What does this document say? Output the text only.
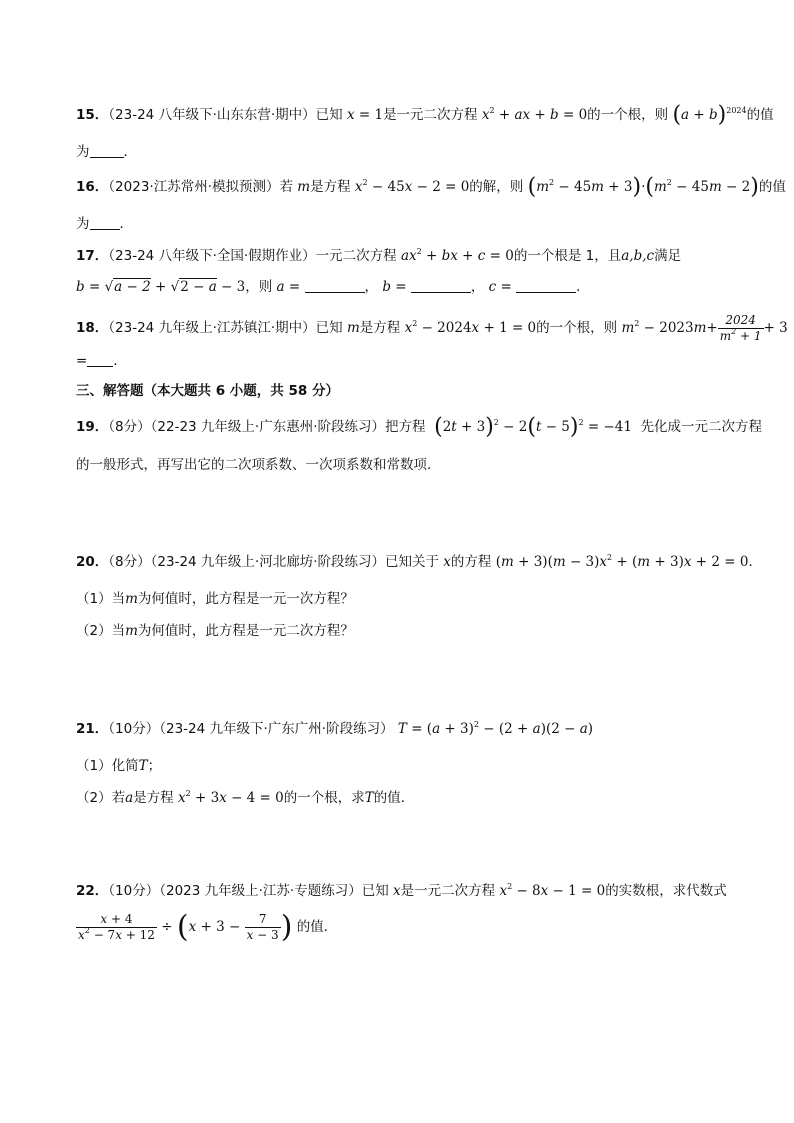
15．（23-24 八年级下·山东东营·期中）已知 x = 1是一元二次方程 $x^2$ + ax + b = 0的一个根，则 $(a + b)^{2024}$的值
为	．
16．（2023·江苏常州·模拟预测）若 m是方程 $x^2 - 45x - 2 = 0$的解，则 $(m^2 - 45m + 3)\cdot(m^2 - 45m - 2)$的值
为 ．
17．（23-24 八年级下·全国·假期作业）一元二次方程 $ax^2$ + bx + c = 0的一个根是 1，且a,b,c满足
b = √a − 2 + √2 − a − 3，则 a =	， b =	， c =	．
18．（23-24 九年级上·江苏镇江·期中）已知 m是方程 $x^2 - 2024x + 1 = 0$的一个根，则 $m^2 - 2023m+ \frac{2024}{m^2 + 1} + 3$
= ．
三、解答题（本大题共 6 小题，共 58 分）
19．（8分）（22-23 九年级上·广东惠州·阶段练习）把方程 $(2t + 3)^2 - 2(t - 5)^2 = -41$ 先化成一元二次方程
的一般形式，再写出它的二次项系数、一次项系数和常数项．
20．（8分）（23-24 九年级上·河北廊坊·阶段练习）已知关于 x的方程 $(m + 3)(m - 3)x^2 + (m + 3)x + 2 = 0$．
（1）当m为何值时，此方程是一元一次方程？
（2）当m为何值时，此方程是一元二次方程？
21．（10分）（23-24 九年级下·广东广州·阶段练习） $T = (a + 3)^2 - (2 + a)(2 - a)$
（1）化简T；
（2）若a是方程 $x^2 + 3x - 4 = 0$的一个根，求T的值．
22．（10分）（2023 九年级上·江苏·专题练习）已知 x是一元二次方程 $x^2 - 8x - 1 = 0$的实数根，求代数式
$\frac{x + 4}{x^2 - 7x + 12} \div (x + 3 - \frac{7}{x - 3}$ ) 的值．
